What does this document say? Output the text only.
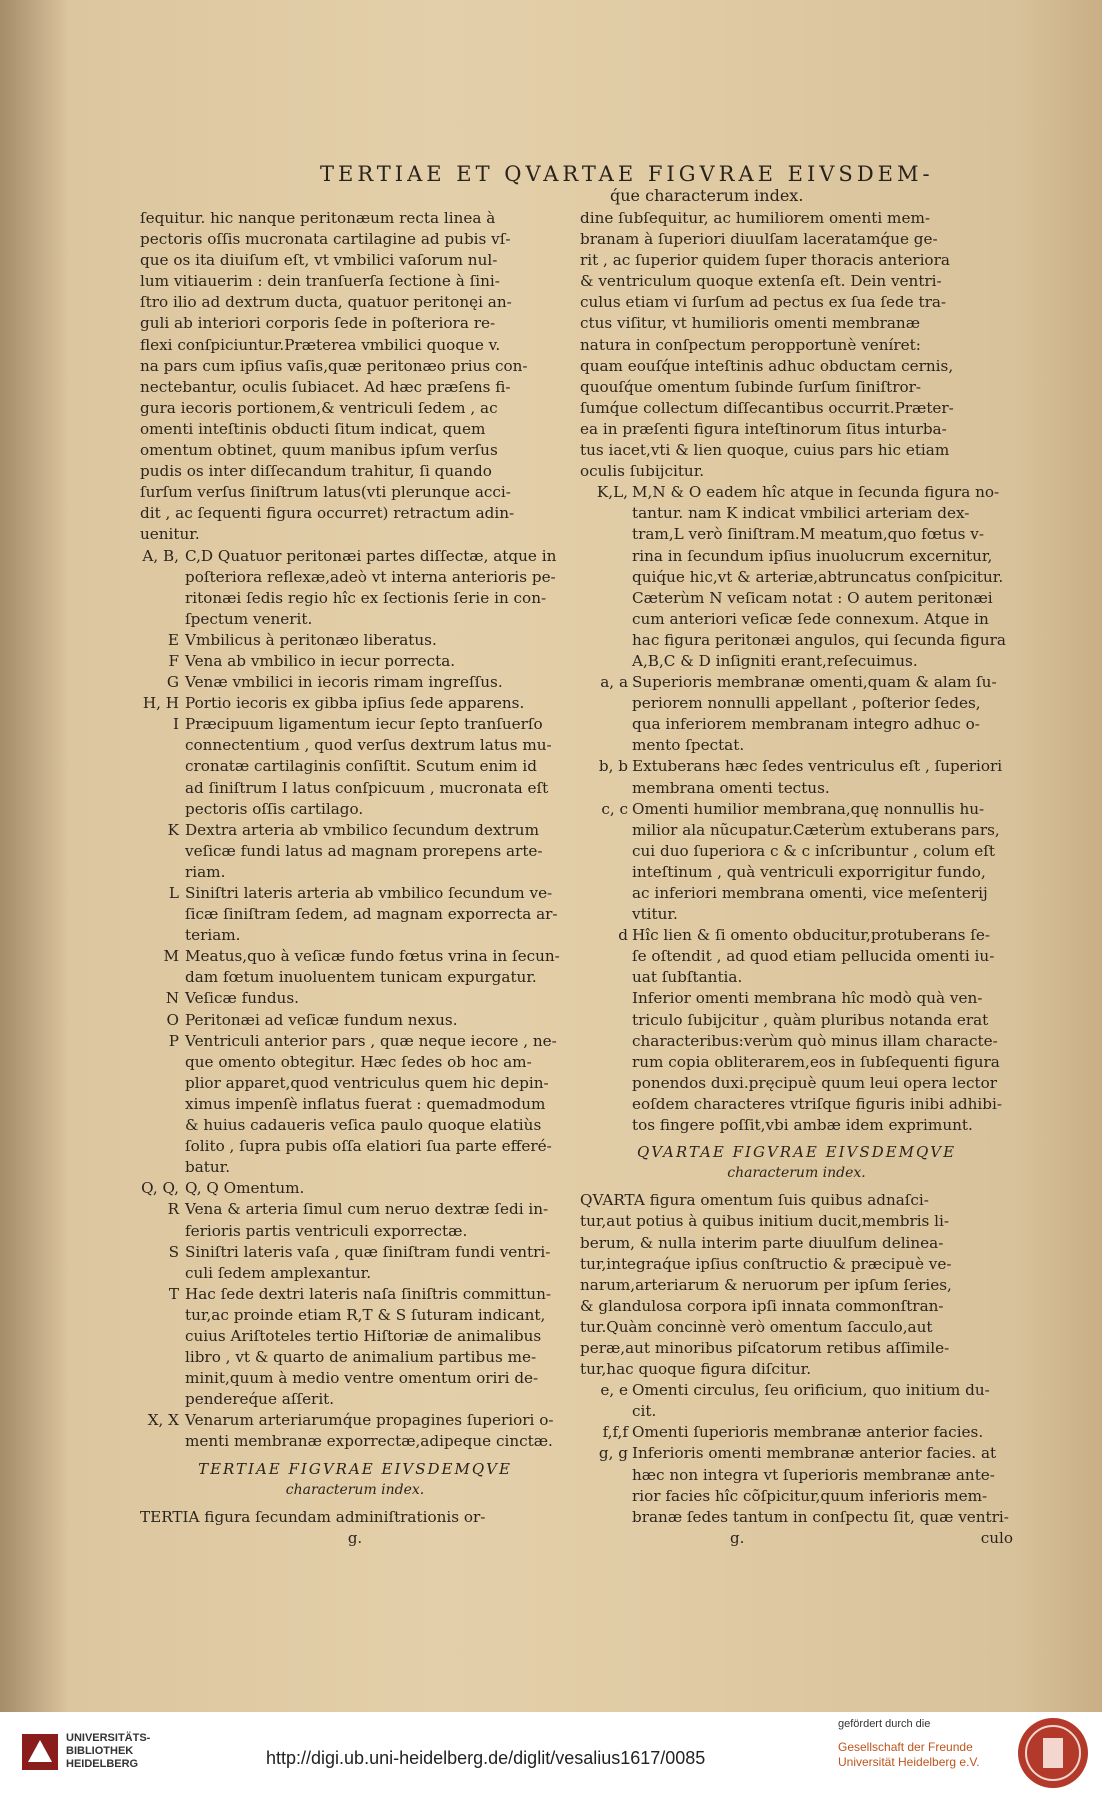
TERTIAE ET QVARTAE FIGVRAE EIVSDEM-
q́ue characterum index.
ſequitur. hic nanque peritonæum recta linea à
pectoris oſſis mucronata cartilagine ad pubis vſ-
que os ita diuiſum eſt, vt vmbilici vaſorum nul-
lum vitiauerim : dein tranſuerſa ſectione à ſini-
ſtro ilio ad dextrum ducta, quatuor peritonęi an-
guli ab interiori corporis ſede in poſteriora re-
flexi conſpiciuntur.Præterea vmbilici quoque v.
na pars cum ipſius vaſis,quæ peritonæo prius con-
nectebantur, oculis ſubiacet. Ad hæc præſens fi-
gura iecoris portionem,& ventriculi ſedem , ac
omenti inteſtinis obducti ſitum indicat, quem
omentum obtinet, quum manibus ipſum verſus
pudis os inter diſſecandum trahitur, ſi quando
ſurſum verſus ſiniſtrum latus(vti plerunque acci-
dit , ac ſequenti figura occurret) retractum adin-
uenitur.
A, B, C,D Quatuor peritonæi partes diſſectæ, atque in
poſteriora reflexæ,adeò vt interna anterioris pe-
ritonæi ſedis regio hîc ex ſectionis ſerie in con-
ſpectum venerit.
E Vmbilicus à peritonæo liberatus.
F Vena ab vmbilico in iecur porrecta.
G Venæ vmbilici in iecoris rimam ingreſſus.
H, H Portio iecoris ex gibba ipſius ſede apparens.
I Præcipuum ligamentum iecur ſepto tranſuerſo
connectentium , quod verſus dextrum latus mu-
cronatæ cartilaginis conſiſtit. Scutum enim id
ad ſiniſtrum I latus conſpicuum , mucronata eſt
pectoris oſſis cartilago.
K Dextra arteria ab vmbilico ſecundum dextrum
veſicæ fundi latus ad magnam prorepens arte-
riam.
L Siniſtri lateris arteria ab vmbilico ſecundum ve-
ſicæ ſiniſtram ſedem, ad magnam exporrecta ar-
teriam.
M Meatus,quo à veſicæ fundo fœtus vrina in ſecun-
dam fœtum inuoluentem tunicam expurgatur.
N Veſicæ fundus.
O Peritonæi ad veſicæ fundum nexus.
P Ventriculi anterior pars , quæ neque iecore , ne-
que omento obtegitur. Hæc ſedes ob hoc am-
plior apparet,quod ventriculus quem hic depin-
ximus impenſè inflatus fuerat : quemadmodum
& huius cadaueris veſica paulo quoque elatiùs
ſolito , ſupra pubis oſſa elatiori ſua parte efferé-
batur.
Q, Q, Q, Q Omentum.
R Vena & arteria ſimul cum neruo dextræ ſedi in-
ferioris partis ventriculi exporrectæ.
S Siniſtri lateris vaſa , quæ ſiniſtram fundi ventri-
culi ſedem amplexantur.
T Hac ſede dextri lateris naſa ſiniſtris committun-
tur,ac proinde etiam R,T & S ſuturam indicant,
cuius Ariſtoteles tertio Hiſtoriæ de animalibus
libro , vt & quarto de animalium partibus me-
minit,quum à medio ventre omentum oriri de-
pendereq́ue aſſerit.
X, X Venarum arteriarumq́ue propagines ſuperiori o-
menti membranæ exporrectæ,adipeque cinctæ.
TERTIAE FIGVRAE EIVSDEMQVE
characterum index.
TERTIA figura ſecundam adminiſtrationis or-
g.
dine ſubſequitur, ac humiliorem omenti mem-
branam à ſuperiori diuulſam laceratamq́ue ge-
rit , ac ſuperior quidem ſuper thoracis anteriora
& ventriculum quoque extenſa eſt. Dein ventri-
culus etiam vi ſurſum ad pectus ex ſua ſede tra-
ctus viſitur, vt humilioris omenti membranæ
natura in conſpectum peropportunè veníret:
quam eouſq́ue inteſtinis adhuc obductam cernis,
quouſq́ue omentum ſubinde ſurſum ſiniſtror-
ſumq́ue collectum diſſecantibus occurrit.Præter-
ea in præſenti figura inteſtinorum ſitus inturba-
tus iacet,vti & lien quoque, cuius pars hic etiam
oculis ſubijcitur.
K,L, M,N & O eadem hîc atque in ſecunda figura no-
tantur. nam K indicat vmbilici arteriam dex-
tram,L verò ſiniſtram.M meatum,quo fœtus v-
rina in ſecundum ipſius inuolucrum excernitur,
quiq́ue hic,vt & arteriæ,abtruncatus conſpicitur.
Cæterùm N veſicam notat : O autem peritonæi
cum anteriori veſicæ ſede connexum. Atque in
hac figura peritonæi angulos, qui ſecunda figura
A,B,C & D inſigniti erant,reſecuimus.
a, a Superioris membranæ omenti,quam & alam ſu-
periorem nonnulli appellant , poſterior ſedes,
qua inferiorem membranam integro adhuc o-
mento ſpectat.
b, b Extuberans hæc ſedes ventriculus eſt , ſuperiori
membrana omenti tectus.
c, c Omenti humilior membrana,quę nonnullis hu-
milior ala nũcupatur.Cæterùm extuberans pars,
cui duo ſuperiora c & c inſcribuntur , colum eſt
inteſtinum , quà ventriculi exporrigitur fundo,
ac inferiori membrana omenti, vice meſenterij
vtitur.
d Hîc lien & ſi omento obducitur,protuberans ſe-
ſe oſtendit , ad quod etiam pellucida omenti iu-
uat ſubſtantia.
Inferior omenti membrana hîc modò quà ven-
triculo ſubijcitur , quàm pluribus notanda erat
characteribus:verùm quò minus illam characte-
rum copia obliterarem,eos in ſubſequenti figura
ponendos duxi.pręcipuè quum leui opera lector
eoſdem characteres vtriſque figuris inibi adhibi-
tos fingere poſſit,vbi ambæ idem exprimunt.
QVARTAE FIGVRAE EIVSDEMQVE
characterum index.
QVARTA figura omentum ſuis quibus adnaſci-
tur,aut potius à quibus initium ducit,membris li-
berum, & nulla interim parte diuulſum delinea-
tur,integraq́ue ipſius conſtructio & præcipuè ve-
narum,arteriarum & neruorum per ipſum ſeries,
& glandulosa corpora ipſi innata commonſtran-
tur.Quàm concinnè verò omentum ſacculo,aut
peræ,aut minoribus piſcatorum retibus aſſimile-
tur,hac quoque figura diſcitur.
e, e Omenti circulus, ſeu orificium, quo initium du-
cit.
f,f,f Omenti ſuperioris membranæ anterior facies.
g, g Inferioris omenti membranæ anterior facies. at
hæc non integra vt ſuperioris membranæ ante-
rior facies hîc cõſpicitur,quum inferioris mem-
branæ ſedes tantum in conſpectu ſit, quæ ventri-
g.	culo
UNIVERSITÄTS-
BIBLIOTHEK
HEIDELBERG	http://digi.ub.uni-heidelberg.de/diglit/vesalius1617/0085
gefördert durch die
Gesellschaft der Freunde
Universität Heidelberg e.V.
